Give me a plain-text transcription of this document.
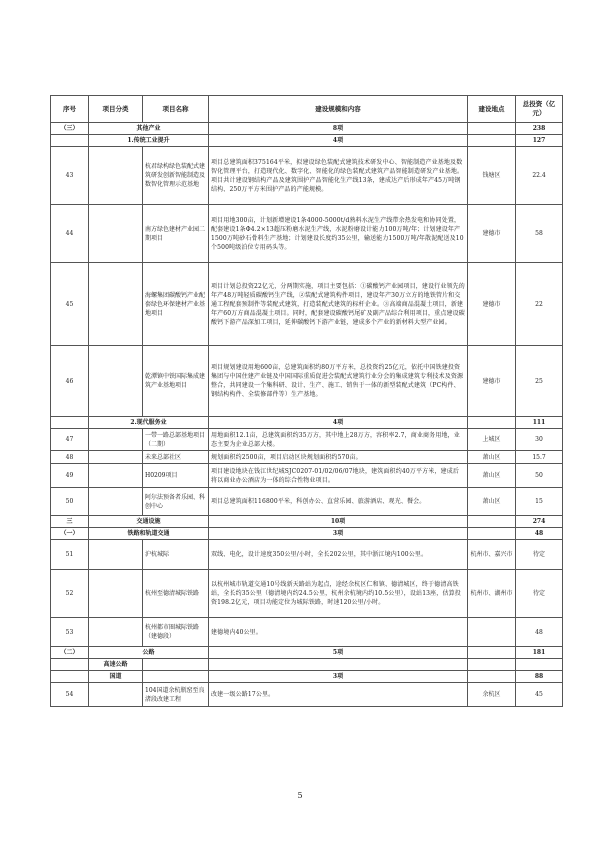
序号	项目分类	项目名称	建设规模和内容	建设地点	总投资（亿元）
（三）	其他产业		8项		238
	1.传统工业提升		4项		127
43		杭君绿构绿色装配式建筑研发创新智能制造及数智化管理示范基地	项目总建筑面积375164平米，拟建设绿色装配式建筑技术研发中心、智能制造产业基地及数智化管理平台，打造现代化、数字化、智能化的绿色装配式建筑产品智能制造研发产业基地。项目共计建设钢结构产品及建筑围护产品智能化生产线13条，建成达产后形成年产45万吨钢结构、250万平方米围护产品的产能规模。	钱塘区	22.4
44		南方绿色建材产业园二期项目	项目用地300亩，计划新增建设1条4000-5000t/d熟料水泥生产线带余热发电和协同处置，配套建设1条Φ4.2×13超压粉磨水泥生产线，水泥粉磨设计能力100万吨/年；计划建设年产1500万吨砂石骨料生产基地；计划建设长度约35公里，输送能力1500万吨/年散泥配送及10个500吨级泊位专用码头等。	建德市	58
45		海螺集团碳酸钙产业配套绿色环保建材产业基地项目	项目计划总投资22亿元，分两期实施，项目主要包括：①碳酸钙产业园项目，建设行业领先的年产48万吨轻质碳酸钙生产线，②装配式建筑构件项目，建设年产30万立方的地铁管片和交通工程配套预制件等装配式建筑，打造装配式建筑的标杆企业。③高端商品混凝土项目，新建年产60万方商品混凝土项目。同时，配套建设碳酸钙尾矿及副产品综合利用项目，重点建设碳酸钙下游产品深加工项目，延伸碳酸钙下游产业链，建成多个产业的新材料大型产业园。	建德市	22
46		乾潭镇中铁国际集成建筑产业基地项目	项目规划建设用地600亩，总建筑面积约80万平方米，总投资约25亿元，依托中国铁建投资集团与中国住建产业链及中国国际重质促进会装配式建筑行业分会的集成建筑专利技术及资源整合，共同建设一个集科研、设计、生产、施工、销售于一体的新型装配式建筑（PC构件、钢结构构件、全装修部件等）生产基地。	建德市	25
	2.现代服务业		4项		111
47		一带一路总部基地项目（二期）	用地面积12.1亩，总建筑面积约35万方，其中地上28万方，容积率2.7，商业商务用地，业态主要为企业总部大楼。	上城区	30
48		未来总部社区	规划面积约2500亩，项目启动区块规划面积约570亩。	萧山区	15.7
49		H0209项目	项目建设地块在钱江世纪城SJC0207-01/02/06/07地块，建筑面积约40万平方米，建成后将以商业办公酒店为一体的综合性物业项目。	萧山区	50
50		阿尔法预备者乐园、科创中心	项目总建筑面积116800平米，科创办公、直营乐园、旅游酒店、观光、餐会。	萧山区	15
三	交通设施		10项		274
（一）	铁路和轨道交通		3项		48
51		沪杭城际	双线、电化，设计速度350公里/小时，全长202公里，其中浙江境内100公里。	杭州市、嘉兴市	待定
52		杭州至德清城际铁路	以杭州城市轨道交通10号线新天路站为起点，途经余杭区仁和镇、德清城区，终于德清高铁站，全长约35公里（德清境内约24.5公里，杭州余杭境内约10.5公里），设站13座，估算投资198.2亿元，项目功能定位为城际铁路，时速120公里/小时。	杭州市、湖州市	待定
53		杭州都市圈城际铁路（建德段）	建德境内40公里。		48
（二）	公路		5项		181
	高速公路				
	国道		3项		88
54		104国道余杭瓶窑至良渚段改建工程	改建一级公路17公里。	余杭区	45
5
